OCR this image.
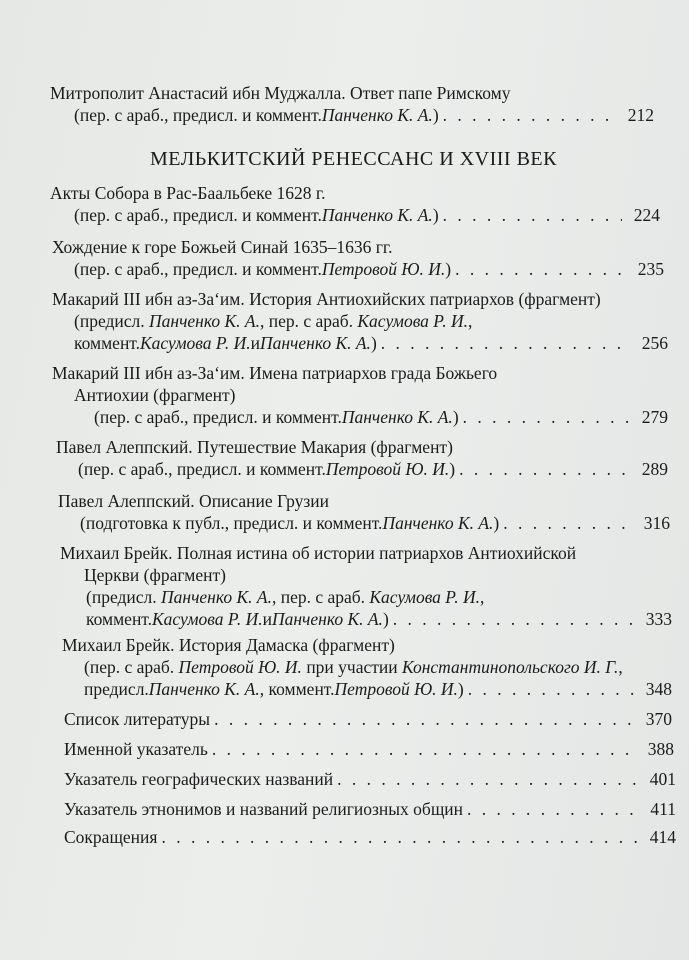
Митрополит Анастасий ибн Муджалла. Ответ папе Римскому
(пер. с араб., предисл. и коммент. Панченко К. А. ) . . .	212
МЕЛЬКИТСКИЙ РЕНЕССАНС И XVIII ВЕК
Акты Собора в Рас-Баальбеке 1628 г.
(пер. с араб., предисл. и коммент. Панченко К. А. ) . . .	224
Хождение к горе Божьей Синай 1635–1636 гг.
(пер. с араб., предисл. и коммент. Петровой Ю. И. ) . . .	235
Макарий III ибн аз-За‘им. История Антиохийских патриархов (фрагмент)
(предисл. Панченко К. А., пер. с араб. Касумова Р. И.,
коммент. Касумова Р. И. и Панченко К. А. ) . . .	256
Макарий III ибн аз-За‘им. Имена патриархов града Божьего
Антиохии (фрагмент)
(пер. с араб., предисл. и коммент. Панченко К. А. ) . . .	279
Павел Алеппский. Путешествие Макария (фрагмент)
(пер. с араб., предисл. и коммент. Петровой Ю. И. ) . . .	289
Павел Алеппский. Описание Грузии
(подготовка к публ., предисл. и коммент. Панченко К. А. ) . . .	316
Михаил Брейк. Полная истина об истории патриархов Антиохийской
Церкви (фрагмент)
(предисл. Панченко К. А., пер. с араб. Касумова Р. И.,
коммент. Касумова Р. И. и Панченко К. А. ) . . .	333
Михаил Брейк. История Дамаска (фрагмент)
(пер. с араб. Петровой Ю. И. при участии Константинопольского И. Г.,
предисл. Панченко К. А. , коммент. Петровой Ю. И. ) . . .	348
Список литературы . . .	370
Именной указатель . . .	388
Указатель географических названий . . .	401
Указатель этнонимов и названий религиозных общин . . .	411
Сокращения . . .	414
